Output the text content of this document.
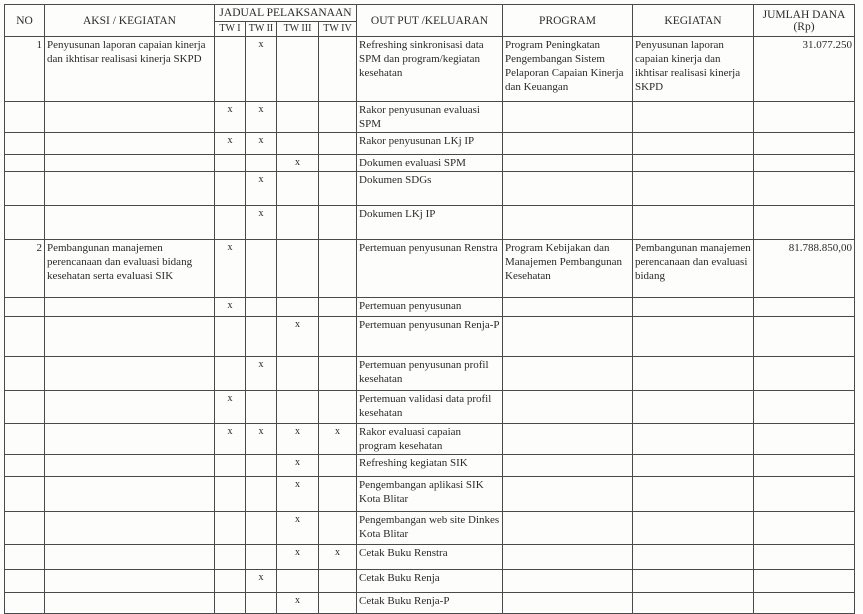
NO	AKSI / KEGIATAN	JADUAL PELAKSANAAN				OUT PUT /KELUARAN	PROGRAM	KEGIATAN	JUMLAH DANA
(Rp)
		TW I	TW II	TW III	TW IV				
1	Penyusunan laporan capaian kinerja dan ikhtisar realisasi kinerja SKPD		x			Refreshing sinkronisasi data SPM dan program/kegiatan kesehatan	Program Peningkatan Pengembangan Sistem Pelaporan Capaian Kinerja dan Keuangan	Penyusunan laporan capaian kinerja dan ikhtisar realisasi kinerja SKPD	31.077.250
		x	x			Rakor penyusunan evaluasi SPM			
		x	x			Rakor penyusunan LKj IP			
				x		Dokumen evaluasi SPM			
			x			Dokumen SDGs			
			x			Dokumen LKj IP			
2	Pembangunan manajemen perencanaan dan evaluasi bidang kesehatan serta evaluasi SIK	x				Pertemuan penyusunan Renstra	Program Kebijakan dan Manajemen Pembangunan Kesehatan	Pembangunan manajemen perencanaan dan evaluasi bidang	81.788.850,00
		x				Pertemuan penyusunan			
				x		Pertemuan penyusunan Renja-P			
			x			Pertemuan penyusunan profil kesehatan			
		x				Pertemuan validasi data profil kesehatan			
		x	x	x	x	Rakor evaluasi capaian program kesehatan			
				x		Refreshing kegiatan SIK			
				x		Pengembangan aplikasi SIK Kota Blitar			
				x		Pengembangan web site Dinkes Kota Blitar			
				x	x	Cetak Buku Renstra			
			x			Cetak Buku Renja			
				x		Cetak Buku Renja-P			
